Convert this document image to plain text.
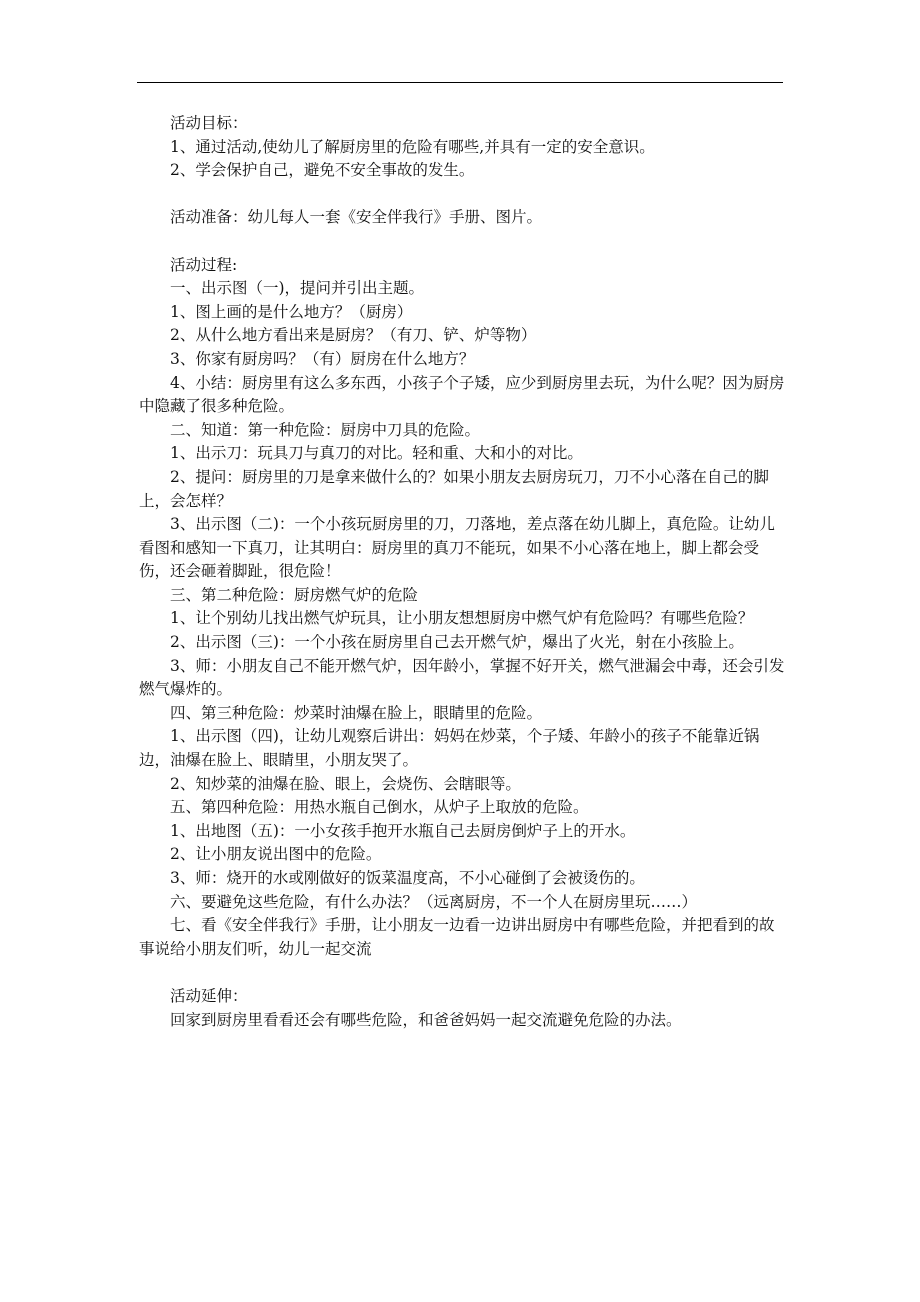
活动目标：

1、通过活动,使幼儿了解厨房里的危险有哪些,并具有一定的安全意识。

2、学会保护自己，避免不安全事故的发生。

活动准备：幼儿每人一套《安全伴我行》手册、图片。

活动过程:

一、出示图（一)，提问并引出主题。

1、图上画的是什么地方？（厨房）

2、从什么地方看出来是厨房？（有刀、铲、炉等物）

3、你家有厨房吗？（有）厨房在什么地方？

4、小结：厨房里有这么多东西，小孩子个子矮，应少到厨房里去玩，为什么呢？因为厨房中隐藏了很多种危险。

二、知道：第一种危险：厨房中刀具的危险。

1、出示刀：玩具刀与真刀的对比。轻和重、大和小的对比。

2、提问：厨房里的刀是拿来做什么的？如果小朋友去厨房玩刀，刀不小心落在自己的脚上，会怎样？

3、出示图（二)：一个小孩玩厨房里的刀，刀落地，差点落在幼儿脚上，真危险。让幼儿看图和感知一下真刀，让其明白：厨房里的真刀不能玩，如果不小心落在地上，脚上都会受伤，还会砸着脚趾，很危险！

三、第二种危险：厨房燃气炉的危险

1、让个别幼儿找出燃气炉玩具，让小朋友想想厨房中燃气炉有危险吗？有哪些危险？

2、出示图（三)：一个小孩在厨房里自己去开燃气炉，爆出了火光，射在小孩脸上。

3、师：小朋友自己不能开燃气炉，因年龄小，掌握不好开关，燃气泄漏会中毒，还会引发燃气爆炸的。

四、第三种危险：炒菜时油爆在脸上，眼睛里的危险。

1、出示图（四)，让幼儿观察后讲出：妈妈在炒菜，个子矮、年龄小的孩子不能靠近锅边，油爆在脸上、眼睛里，小朋友哭了。

2、知炒菜的油爆在脸、眼上，会烧伤、会瞎眼等。

五、第四种危险：用热水瓶自己倒水，从炉子上取放的危险。

1、出地图（五)：一小女孩手抱开水瓶自己去厨房倒炉子上的开水。

2、让小朋友说出图中的危险。

3、师：烧开的水或刚做好的饭菜温度高，不小心碰倒了会被烫伤的。

六、要避免这些危险，有什么办法？（远离厨房，不一个人在厨房里玩……）

七、看《安全伴我行》手册，让小朋友一边看一边讲出厨房中有哪些危险，并把看到的故事说给小朋友们听，幼儿一起交流

活动延伸：

回家到厨房里看看还会有哪些危险，和爸爸妈妈一起交流避免危险的办法。
